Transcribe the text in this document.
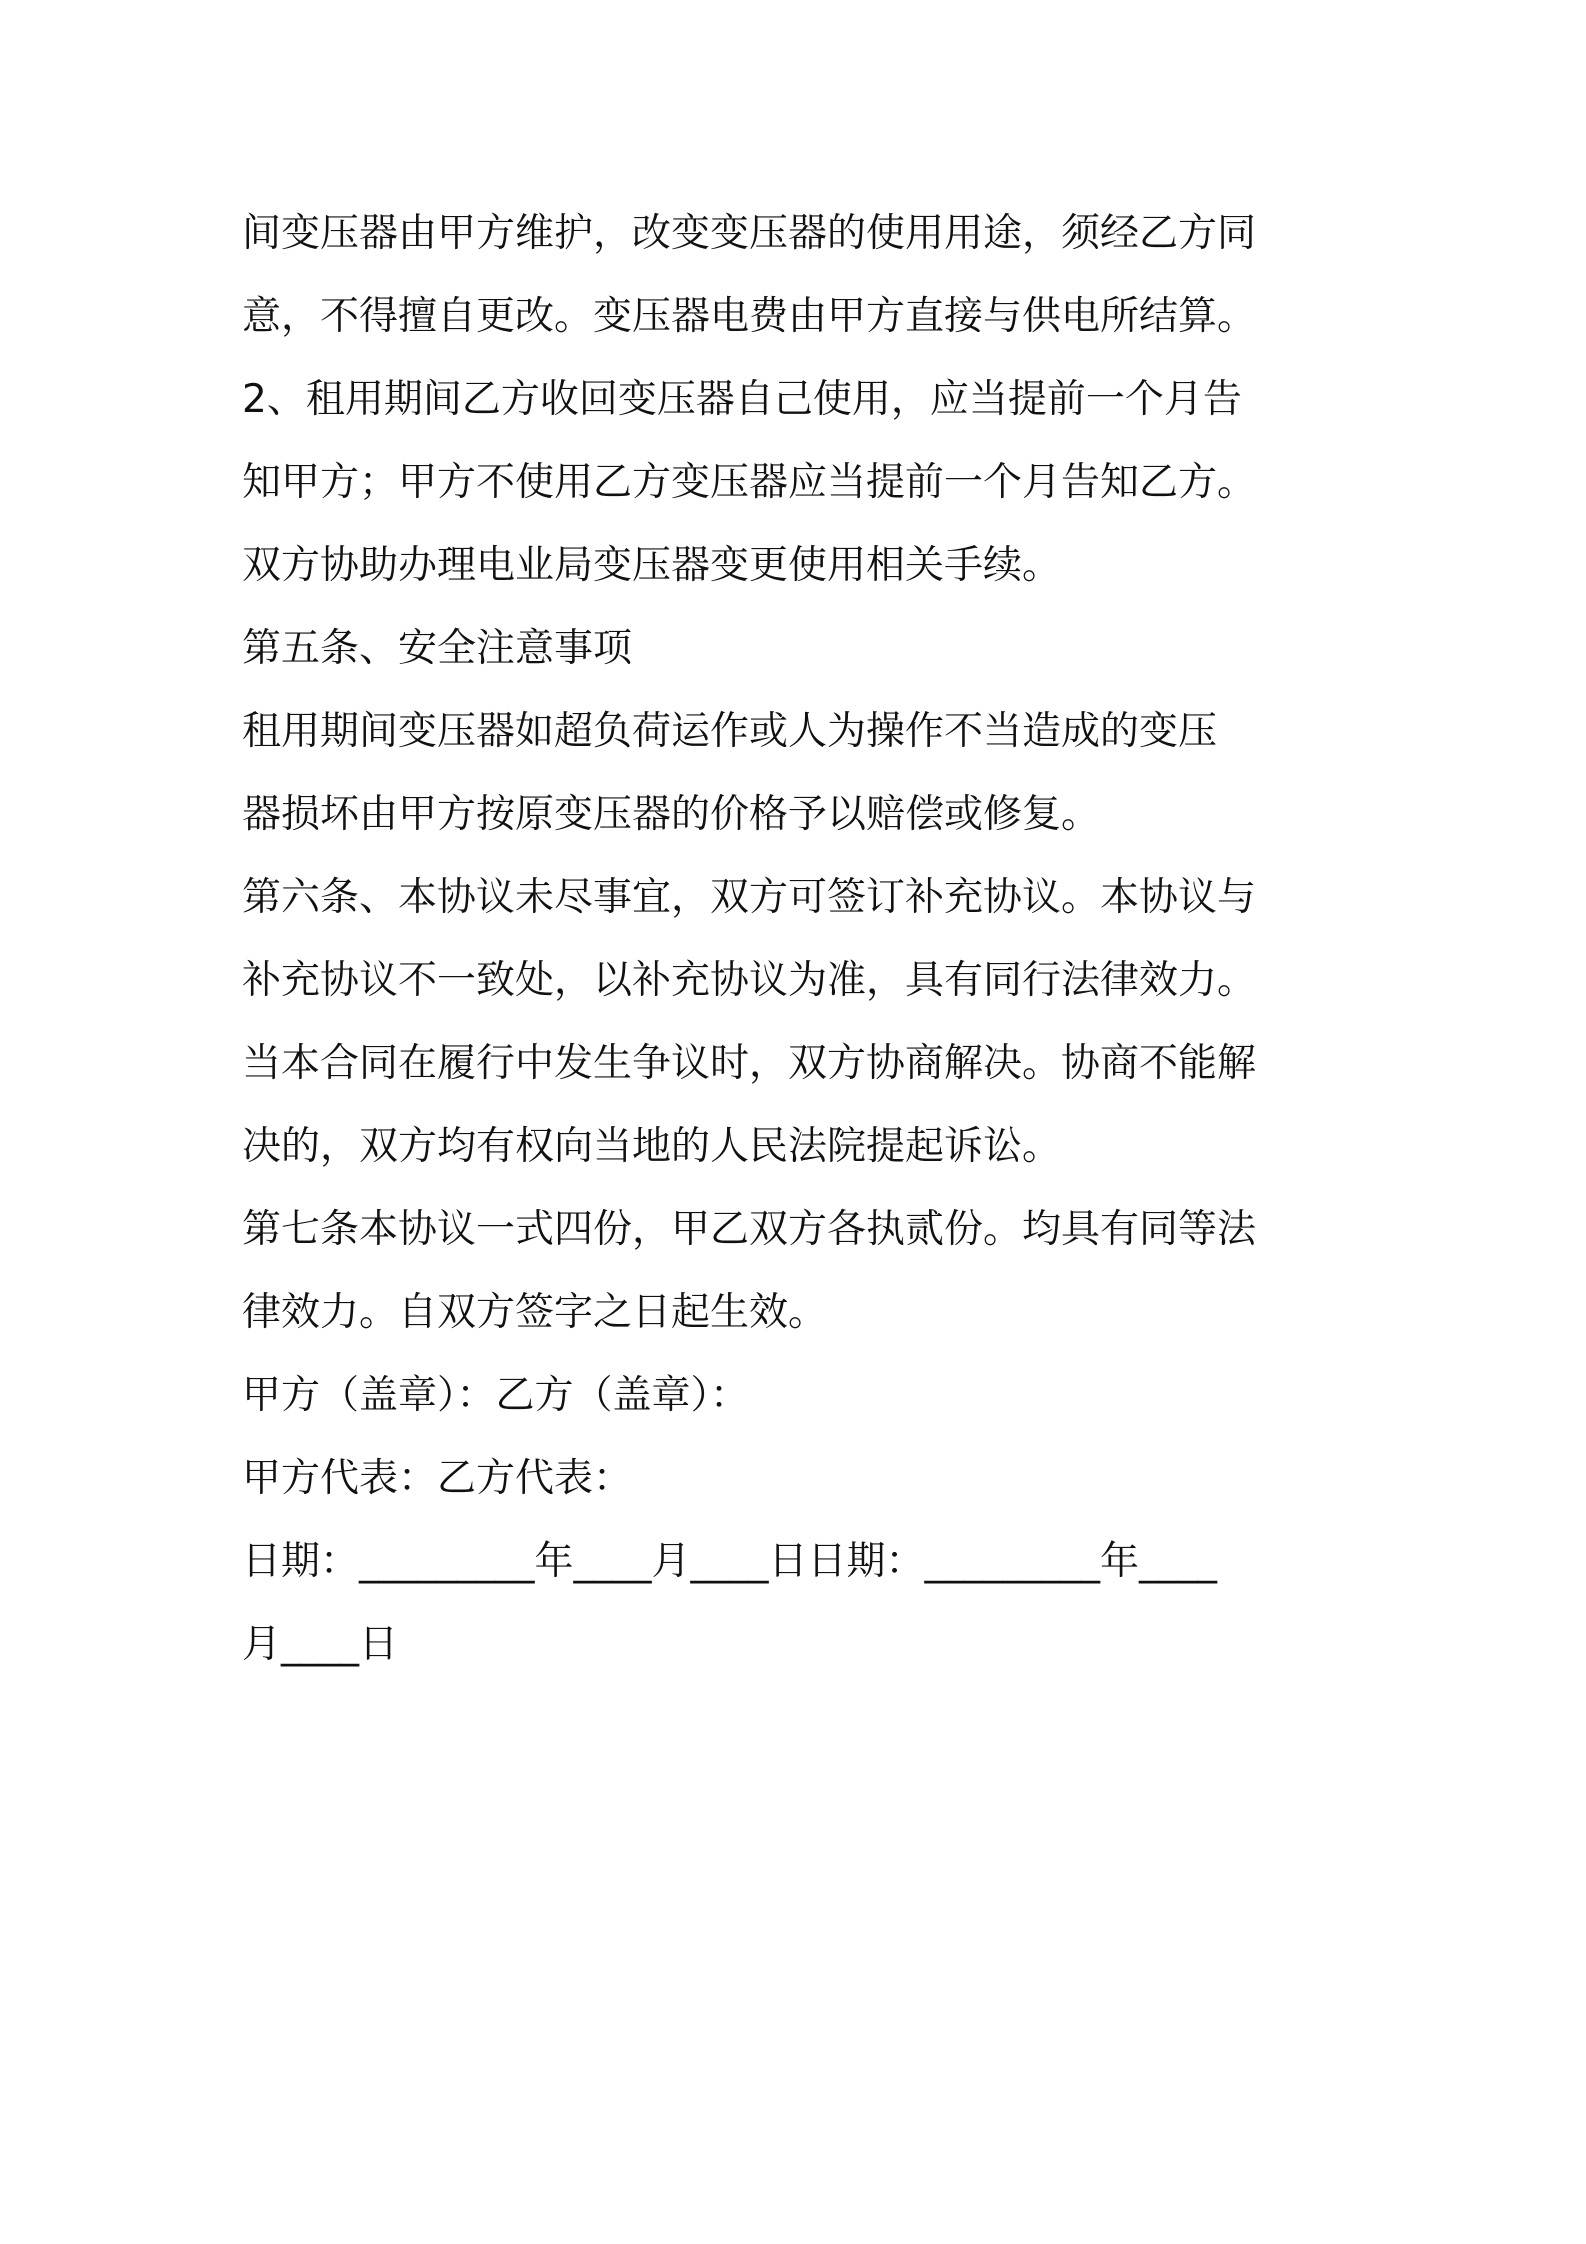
间变压器由甲方维护，改变变压器的使用用途，须经乙方同
意，不得擅自更改。变压器电费由甲方直接与供电所结算。
2、租用期间乙方收回变压器自己使用，应当提前一个月告
知甲方；甲方不使用乙方变压器应当提前一个月告知乙方。
双方协助办理电业局变压器变更使用相关手续。
第五条、安全注意事项
租用期间变压器如超负荷运作或人为操作不当造成的变压
器损坏由甲方按原变压器的价格予以赔偿或修复。
第六条、本协议未尽事宜，双方可签订补充协议。本协议与
补充协议不一致处，以补充协议为准，具有同行法律效力。
当本合同在履行中发生争议时，双方协商解决。协商不能解
决的，双方均有权向当地的人民法院提起诉讼。
第七条本协议一式四份，甲乙双方各执贰份。均具有同等法
律效力。自双方签字之日起生效。
甲方（盖章）：乙方（盖章）：
甲方代表：乙方代表：
日期：_________年____月____日日期：_________年____
月____日
